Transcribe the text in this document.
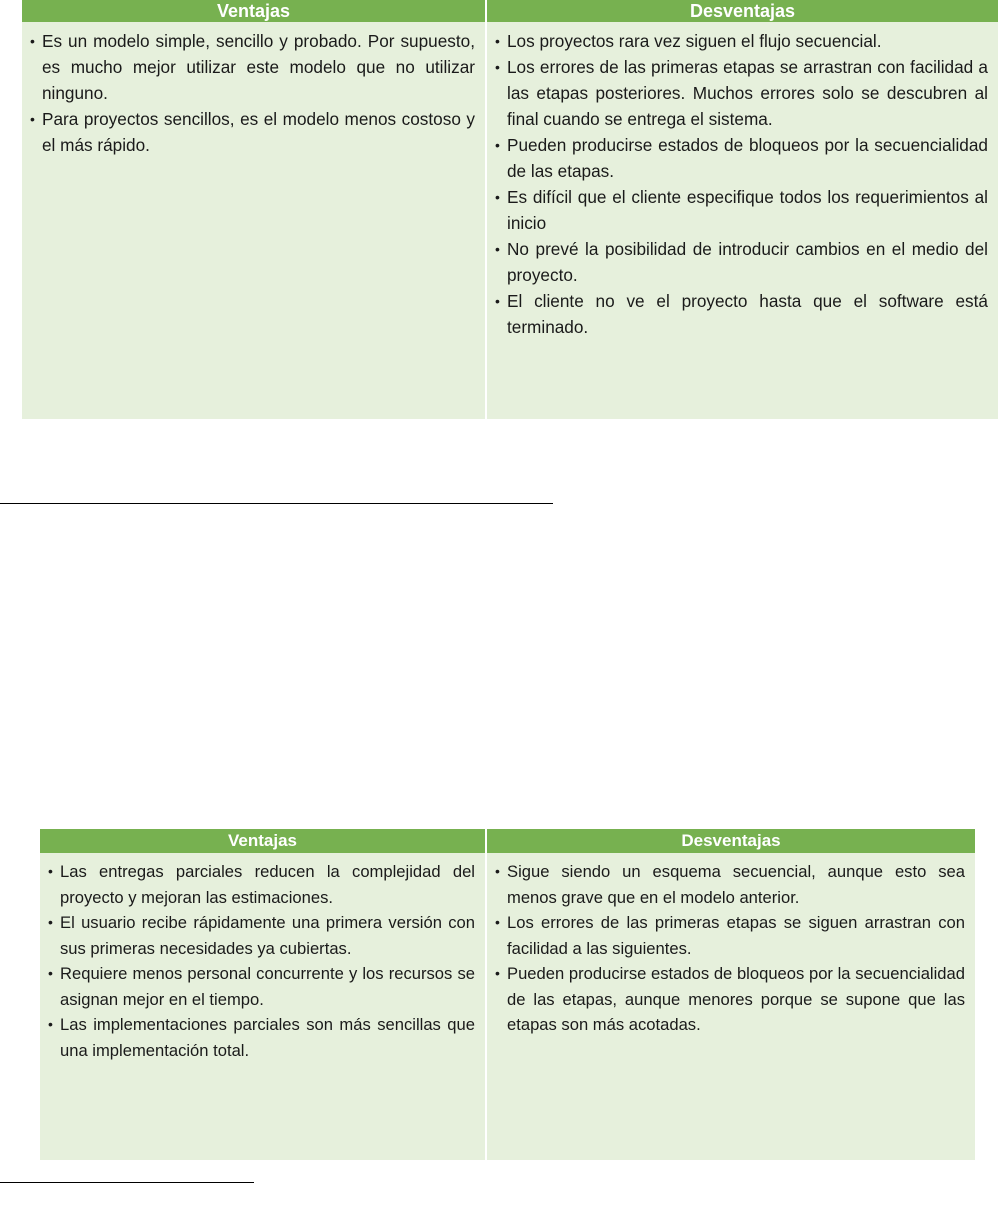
Ventajas	Desventajas
• Es un modelo simple, sencillo y probado. Por supuesto, es mucho mejor utilizar este modelo que no utilizar ninguno.
• Para proyectos sencillos, es el modelo menos costoso y el más rápido.
• Los proyectos rara vez siguen el flujo secuencial.
• Los errores de las primeras etapas se arrastran con facilidad a las etapas posteriores. Muchos errores solo se descubren al final cuando se entrega el sistema.
• Pueden producirse estados de bloqueos por la secuencialidad de las etapas.
• Es difícil que el cliente especifique todos los requerimientos al inicio
• No prevé la posibilidad de introducir cambios en el medio del proyecto.
• El cliente no ve el proyecto hasta que el software está terminado.
Ventajas	Desventajas
• Las entregas parciales reducen la complejidad del proyecto y mejoran las estimaciones.
• El usuario recibe rápidamente una primera versión con sus primeras necesidades ya cubiertas.
• Requiere menos personal concurrente y los recursos se asignan mejor en el tiempo.
• Las implementaciones parciales son más sencillas que una implementación total.
• Sigue siendo un esquema secuencial, aunque esto sea menos grave que en el modelo anterior.
• Los errores de las primeras etapas se siguen arrastran con facilidad a las siguientes.
• Pueden producirse estados de bloqueos por la secuencialidad de las etapas, aunque menores porque se supone que las etapas son más acotadas.
